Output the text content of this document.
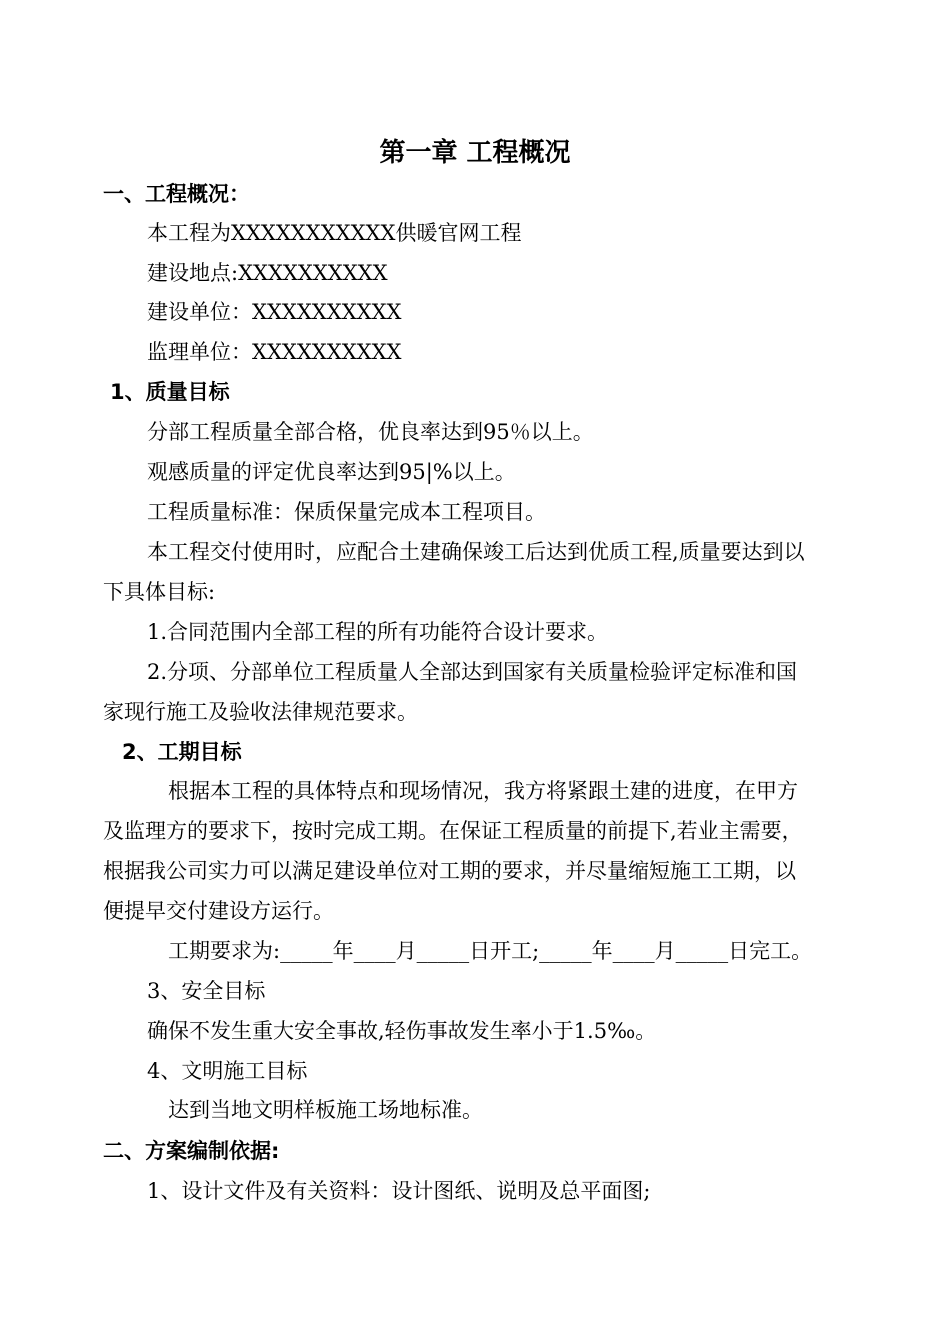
第一章 工程概况
一、工程概况：
本工程为XXXXXXXXXXX供暖官网工程
建设地点:XXXXXXXXXX
建设单位：XXXXXXXXXX
监理单位：XXXXXXXXXX
1、质量目标
分部工程质量全部合格，优良率达到95％以上。
观感质量的评定优良率达到95|%以上。
工程质量标准：保质保量完成本工程项目。
本工程交付使用时，应配合土建确保竣工后达到优质工程,质量要达到以
下具体目标:
1.合同范围内全部工程的所有功能符合设计要求。
2.分项、分部单位工程质量人全部达到国家有关质量检验评定标准和国
家现行施工及验收法律规范要求。
2、工期目标
根据本工程的具体特点和现场情况，我方将紧跟土建的进度，在甲方
及监理方的要求下，按时完成工期。在保证工程质量的前提下,若业主需要，
根据我公司实力可以满足建设单位对工期的要求，并尽量缩短施工工期，以
便提早交付建设方运行。
工期要求为:_____年____月_____日开工;_____年____月_____日完工。
3、安全目标
确保不发生重大安全事故,轻伤事故发生率小于1.5‰。
4、文明施工目标
达到当地文明样板施工场地标准。
二、方案编制依据:
1、设计文件及有关资料：设计图纸、说明及总平面图;
